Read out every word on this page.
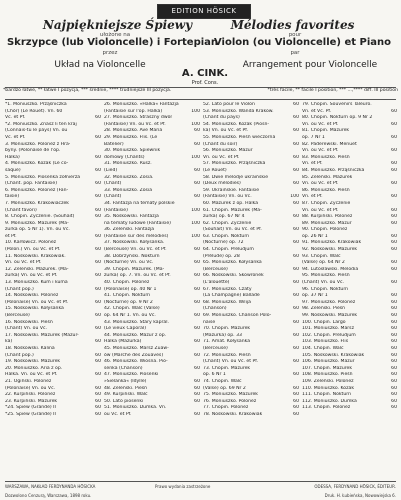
EDITION HÖSICK
Najpiękniejsze Śpiewy	Mélodies favorites
ułożone na	pour
Skrzypce (lub Violoncelle) i Fortepian
Violon (ou Violoncelle) et Piano
przez	par
Układ na Violoncelle	Arrangement pour Violoncelle
A. CINK.
Prof. Cons.
*bardzo łatwe, ** łatwe I pozycja, *** średnie, **** trudniejsze III pozycja.	*très facile, ** facile I position, *** ...,**** diff. III position
*1. Moniuszko. Prząśniczka
(Chór) (Le Rouet). Vn. 60
Vc. et Pf.	60
*2. Moniuszko. Znasz li ten kraj
(Connais-tu le pays) Vn. ou
Vc. et Pf.	60
3. Moniuszko. Polonez z Hra-
byny. (Polonaise de l'op.
Halka)	60
4. Moniuszko. Kozak (Le co-
saque)	60
5. Moniuszko. Piosenka żołnierza
(Chant. pop. Fantaisie)	60
6. Moniuszko. Polonez (Fan-
taisie)	60
7. Moniuszko. Krakowiaczek
(Chant favori)	60
8. Chopin. Życzenie. (Souhait)	60
9. Moniuszko. Mazurek (Ma-
zurka op. 5 Nr 1). Vn. ou Vc.
et Pf.	60
10. Karłowicz. Polonez
(Polon.) Vn. ou Vc. et Pf.	60
11. Noskowski. Krakowiak.
Vn. ou Vc. et Pf.	60
12. Żeleński. Mazurek. (Ma-
zurka) Vn. ou Vc. et Pf.	60
13. Moniuszko. Kum i kuma
(Chant pop.)	60
14. Noskowski. Polonez
(Polonaise) Vn. ou Vc. et Pf.	60
15. Noskowski. Kołysanka
(Berceuse)	60
16. Noskowski. Pieśń
(Chant) Vn. ou Vc.	60
17. Noskowski. Mazurek (Mazur-
ka)	60
18. Noskowski. Kalina
(Chant pop.)	60
19. Noskowski. Mazurek	60
20. Moniuszko. Aria z op.
Halka. Vn. ou Vc. et Pf.	60
21. Ogiński. Polonez
(Polonaise) Vn. ou Vc.	60
22. Kurpiński. Polonez	60
23. Kurpiński. Mazurek	60
*24. Śpiew (Grande) II	60
*25. Śpiew (Grande) II	60
26. Moniuszko. »Halka« Fantazja
(Fantaisie sur l'op. Halka)	100
27. Moniuszko. Straszny dwór
(Fantaisie) Vn. ou Vc. et Pf.	100
28. Moniuszko. Ave Maria	60
29. Moniuszko. Flis. (Le
Batelier)	60
30. Moniuszko. Śpiewnik
domowy (Chants)	100
31. Moniuszko. Rusz.
(Lied)	60
32. Moniuszko. Zosia.
(Chant)	60
33. Moniuszko. Zosia
(Chant)	60
34. Fantazja na tematy polskie
(Fantaisie)	100
35. Noskowski. Fantazja
na tematy ludowe (Fantaisie)	100
36. Żeleński. Fantazja
(Fantaisie sur des mélodies)	100
37. Noskowski. Kołysanka.
(Berceuse) Vn. ou Vc. et Pf.	60
38. Dobrzyński. Nokturn
(Nocturne) Vn. ou Vc.	60
39. Chopin. Mazurek. (Ma-
zurka) op. 7. Vn. ou Vc. et Pf.	60
40. Chopin. Polonez
(Polonaise) op. 40 Nr 1	60
41. Chopin. Nokturn
(Nocturne) op. 9 Nr 2	60
42. Chopin. Walc (Valse)
op. 64 Nr 1. Vn. ou Vc.	60
43. Moniuszko. Stary kapral.
(Le vieux Caporal)	60
44. Moniuszko. Mazur z op.
Halka (Mazurka)	60
45. Moniuszko. Marsz Żuaw-
ów (Marche des Zouaves)	60
46. Moniuszko. Wiosna. Pio-
senka (Chanson)	60
47. Moniuszko. Piosenki
»Sielanka« (Idylle)	60
48. Żeleński. Pieśń	60
49. Kurpiński. Walc	60
50. Lato piosenki	60
51. Moniuszko. Dumka. Vn.
ou Vc. et Pf.	60
52. Lato pour le Violon	60
53. Moniuszko. Wanda Krakow.
(Chant du pays)	60
54. Moniuszko. Kozak (Piosn-
ka) Vn. ou Vc. et Pf.	60
55. Moniuszko. Pieśń wieczorna
(Chant du soir)	60
56. Moniuszko. Mazur
Vn. ou Vc. et Pf.	60
57. Moniuszko. Prząśniczka
(Le Rouet)	60
58. Dwie melodje ukraińskie
(Deux mélodies)	60
59. Ukraińskie. Fantaisie
(Fantaisie) Vn. ou Vc.	100
60. Mazurek z op. Halka	60
61. Chopin. Mazurek (Ma-
zurka) op. 67 Nr 4	60
62. Chopin. Życzenie
(Souhait) Vn. ou Vc. et Pf.	60
63. Chopin. Nokturn
(Nocturne) op. 72	60
64. Chopin. Preludjum
(Prélude) op. 28	60
65. Moniuszko. Kołysanka
(Berceuse)	60
66. Noskowski. Skowronek
(L'alouette)	60
67. Moniuszko. Czaty
(La Champagne) Ballade	60
68. Moniuszko. Wilija
(Chanson)	60
69. Moniuszko. Chanson Polo-
naise	60
70. Chopin. Mazurek
(Mazurka) op. 33	60
71. Amat. Kołysanka
(Berceuse)	60
72. Moniuszko. Pieśń
(Chant) Vn. ou Vc. et Pf.	60
73. Chopin. Mazurek
op. 6 Nr 1	60
74. Chopin. Walc
(Valse) op. 69 Nr 2	60
75. Moniuszko. Mazurek	60
76. Moniuszko. Polonez	60
77. Chopin. Polonez	60
78. Noskowski. Krakowiak	60
79. Chopin. Souvenirs Taleuro.
Vn. et Vc. Pf.	60
80. Chopin. Nokturn op. 9 Nr 2
Vn. ou Vc. et Pf.	60
81. Chopin. Mazurek
op. 7 Nr 1	60
82. Paderewski. Menuet
Vn. ou Vc. et Pf.	60
83. Moniuszko. Pieśń
Vn. et Pf.	60
84. Moniuszko. Prząśniczka	60
85. Żeleński. Mazurek
Vn. ou Vc. et Pf.	60
86. Moniuszko. Pieśń
Vn. et Pf.	60
87. Chopin. Życzenie
Vn. ou Vc. et Pf.	60
88. Kurpiński. Polonez	60
89. Moniuszko. Mazur	60
90. Chopin. Polonez
op. 26 Nr 1	60
91. Moniuszko. Krakowiak	60
92. Noskowski. Mazurek	60
93. Chopin. Walc
(Valse) op. 64 Nr 2	60
94. Lutosławski. Melodia	60
95. Moniuszko. Pieśń
(Chant) Vn. ou Vc.	60
96. Chopin. Nokturn
op. 37 Nr 1	60
97. Moniuszko. Polonez	60
98. Żeleński. Pieśń	60
99. Noskowski. Mazurek	60
100. Chopin. Largo	60
101. Moniuszko. Marsz	60
102. Chopin. Preludjum	60
103. Moniuszko. Flis	60
104. Chopin. Walc	60
105. Noskowski. Krakowiak	60
106. Moniuszko. Mazur	60
107. Chopin. Mazurek	60
108. Moniuszko. Pieśń	60
109. Żeleński. Polonez	60
110. Moniuszko. Kozak	60
111. Chopin. Nokturn	60
112. Moniuszko. Dumka	60
113. Chopin. Polonez	60
WARSZAWA, NAKŁAD FERDYNANDA HÖSICKA	Prawo wydania zastrzeżone	ODESSA, FERDYNAND HÖSICK, ÉDITEUR.
Dozwolono Cenzurą, Warszawa, 1898 roku.	Druk. H. Łubieńska, Nowowiejska 6.
